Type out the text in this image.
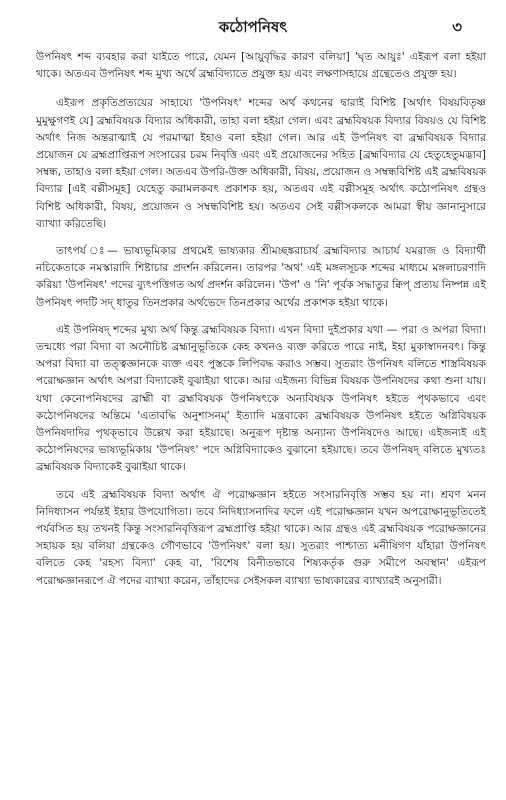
কঠোপনিষৎ	৩

উপনিষৎ শব্দ ব্যবহার করা যাইতে পারে, যেমন [আয়ুবৃদ্ধির কারণ বলিয়া] 'ঘৃত আয়ুঃ' এইরূপ বলা হইয়া থাকে। অতএব উপনিষৎ শব্দ মুখ্য অর্থে ব্রহ্মবিদ্যাতে প্রযুক্ত হয় এবং লক্ষণাসহায়ে গ্রন্থেতেও প্রযুক্ত হয়।

এইরূপ প্রকৃতিপ্রত্যয়ের সাহায্যে 'উপনিষৎ' শব্দের অর্থ কথনের দ্বারাই বিশিষ্ট [অর্থাৎ বিষয়বিতৃষ্ণ মুমুক্ষুগণই যে] ব্রহ্মবিষয়ক বিদ্যার অধিকারী, তাহা বলা হইয়া গেল। এবং ব্রহ্মবিষয়ক বিদ্যার বিষয়ও যে বিশিষ্ট অর্থাৎ নিজ অন্তরাত্মাই যে পরমাত্মা ইহাও বলা হইয়া গেল। আর এই উপনিষৎ বা ব্রহ্মবিষয়ক বিদ্যার প্রয়োজন যে ব্রহ্মপ্রাপ্তিরূপ সংসারের চরম নিবৃত্তি এবং এই প্রয়োজনের সহিত [ব্রহ্মবিদ্যার যে হেতুহেতুমদ্ভাব] সম্বন্ধ, তাহাও বলা হইয়া গেল। অতএব উপরি-উক্ত অধিকারী, বিষয়, প্রয়োজন ও সম্বন্ধবিশিষ্ট এই ব্রহ্মবিষয়ক বিদ্যার [এই বল্লীসমূহ] যেহেতু করামলকবৎ প্রকাশক হয়, অতএব এই বল্লীসমূহ অর্থাৎ কঠোপনিষৎ গ্রন্থও বিশিষ্ট অধিকারী, বিষয়, প্রয়োজন ও সম্বন্ধবিশিষ্ট হয়। অতএব সেই বল্লীসকলকে আমরা স্বীয় জ্ঞানানুসারে ব্যাখ্যা করিতেছি।

তাৎপর্য ঃ— ভাষ্যভূমিকার প্রথমেই ভাষ্যকার শ্রীমচ্ছঙ্করাচার্য ব্রহ্মবিদ্যার আচার্য যমরাজ ও বিদ্যার্থী নচিকেতাকে নমস্কারাদি শিষ্টাচার প্রদর্শন করিলেন। তারপর 'অথ' এই মঙ্গলসূচক শব্দের মাধ্যমে মঙ্গলাচরণাদি করিয়া 'উপনিষৎ' পদের ব্যুৎপত্তিগত অর্থ প্রদর্শন করিলেন। 'উপ' ও 'নি' পূর্বক সদ্ধাতুর ক্বিপ্ প্রত্যয় নিষ্পন্ন এই উপনিষৎ পদটি সদ্ ধাতুর তিনপ্রকার অর্থভেদে তিনপ্রকার অর্থের প্রকাশক হইয়া থাকে।

এই উপনিষদ্ শব্দের মুখ্য অর্থ কিন্তু ব্রহ্মবিষয়ক বিদ্যা। এখন বিদ্যা দুইপ্রকার যথা — পরা ও অপরা বিদ্যা। তন্মধ্যে পরা বিদ্যা বা অনৌচিষ্ট ব্রহ্মানুভূতিকে কেহ কখনও ব্যক্ত করিতে পারে নাই, ইহা মুকাস্বাদনবৎ। কিন্তু অপরা বিদ্যা বা তত্ত্বজ্ঞানকে ব্যক্ত এবং পুস্তকে লিপিবদ্ধ করাও সম্ভব। সুতরাং উপনিষৎ বলিতে শাস্ত্রবিষয়ক পরোক্ষজ্ঞান অর্থাৎ অপরা বিদ্যাকেই বুঝাইয়া থাকে। আর এইজন্য বিভিন্ন বিষয়ক উপনিষদের কথা শুনা যায়। যথা কেনোপনিষদের ব্রাহ্মী বা ব্রহ্মবিষয়ক উপনিষৎকে অন্যবিষয়ক উপনিষৎ হইতে পৃথকভাবে এবং কঠোপনিষদের অন্তিমে 'এতাবদ্ধি অনুশাসনম্' ইত্যাদি মন্ত্রবাক্যে ব্রহ্মবিষয়ক উপনিষৎ হইতে অগ্নিবিষয়ক উপনিষদাদির পৃথক্ভাবে উল্লেখ করা হইয়াছে। অনুরূপ দৃষ্টান্ত অন্যান্য উপনিষদেও আছে। এইজন্যই এই কঠোপনিষদের ভাষ্যভূমিকায় 'উপনিষৎ' পদে অগ্নিবিদ্যাকেও বুঝানো হইয়াছে। তবে উপনিষদ্ বলিতে মুখ্যতঃ ব্রহ্মবিষয়ক বিদ্যাকেই বুঝাইয়া থাকে।

তবে এই ব্রহ্মবিষয়ক বিদ্যা অর্থাৎ ঐ পরোক্ষজ্ঞান হইতে সংসারনিবৃত্তি সম্ভব হয় না। শ্রবণ মনন নিদিধ্যাসন পর্যন্তই ইহার উপযোগিতা। তবে নিদিধ্যাসনাদির ফলে এই পরোক্ষজ্ঞান যখন অপরোক্ষানুভূতিতেই পর্যবসিত হয় তখনই কিন্তু সংসারনিবৃত্তিরূপ ব্রহ্মপ্রাপ্তি হইয়া থাকে। আর গ্রন্থও এই ব্রহ্মবিষয়ক পরোক্ষজ্ঞানের সহায়ক হয় বলিয়া গ্রন্থকেও গৌণভাবে 'উপনিষৎ' বলা হয়। সুতরাং পাশ্চাত্য মনীষিগণ যাঁহারা উপনিষৎ বলিতে কেহ 'রহস্য বিদ্যা' কেহ বা, 'বিশেষ বিনীতভাবে শিষ্যকর্তৃক গুরু সমীপে অবস্থান' এইরূপ পরোক্ষজ্ঞানরূপে ঐ পদের ব্যাখ্যা করেন, তাঁহাদের সেইসকল ব্যাখ্যা ভাষ্যকারের ব্যাখ্যারই অনুসারী।
